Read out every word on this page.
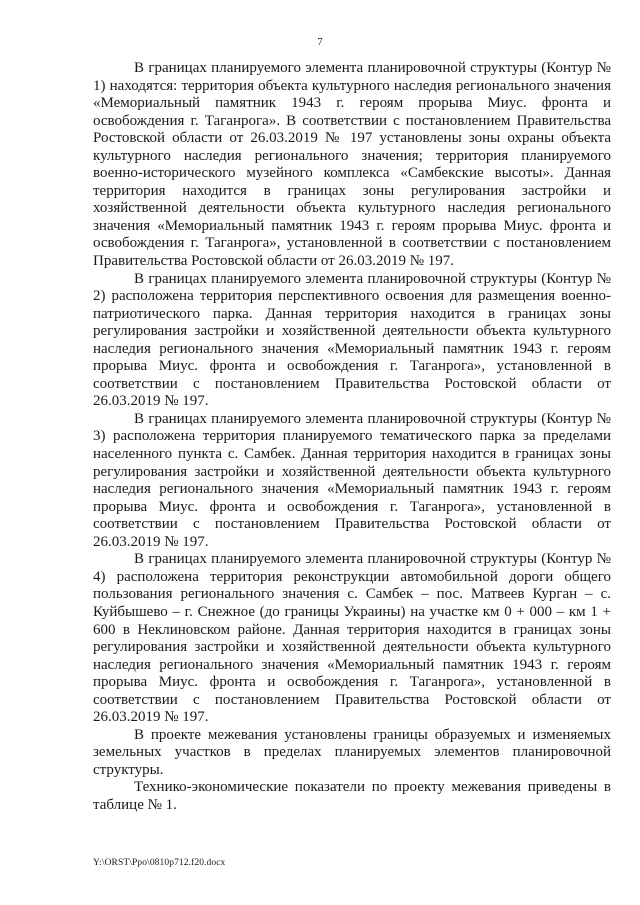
7

В границах планируемого элемента планировочной структуры (Контур № 1) находятся: территория объекта культурного наследия регионального значения «Мемориальный памятник 1943 г. героям прорыва Миус. фронта и освобождения г. Таганрога». В соответствии с постановлением Правительства Ростовской области от 26.03.2019 № 197 установлены зоны охраны объекта культурного наследия регионального значения; территория планируемого военно-исторического музейного комплекса «Самбекские высоты». Данная территория находится в границах зоны регулирования застройки и хозяйственной деятельности объекта культурного наследия регионального значения «Мемориальный памятник 1943 г. героям прорыва Миус. фронта и освобождения г. Таганрога», установленной в соответствии с постановлением Правительства Ростовской области от 26.03.2019 № 197.

В границах планируемого элемента планировочной структуры (Контур № 2) расположена территория перспективного освоения для размещения военно-патриотического парка. Данная территория находится в границах зоны регулирования застройки и хозяйственной деятельности объекта культурного наследия регионального значения «Мемориальный памятник 1943 г. героям прорыва Миус. фронта и освобождения г. Таганрога», установленной в соответствии с постановлением Правительства Ростовской области от 26.03.2019 № 197.

В границах планируемого элемента планировочной структуры (Контур № 3) расположена территория планируемого тематического парка за пределами населенного пункта с. Самбек. Данная территория находится в границах зоны регулирования застройки и хозяйственной деятельности объекта культурного наследия регионального значения «Мемориальный памятник 1943 г. героям прорыва Миус. фронта и освобождения г. Таганрога», установленной в соответствии с постановлением Правительства Ростовской области от 26.03.2019 № 197.

В границах планируемого элемента планировочной структуры (Контур № 4) расположена территория реконструкции автомобильной дороги общего пользования регионального значения с. Самбек – пос. Матвеев Курган – с. Куйбышево – г. Снежное (до границы Украины) на участке км 0 + 000 – км 1 + 600 в Неклиновском районе. Данная территория находится в границах зоны регулирования застройки и хозяйственной деятельности объекта культурного наследия регионального значения «Мемориальный памятник 1943 г. героям прорыва Миус. фронта и освобождения г. Таганрога», установленной в соответствии с постановлением Правительства Ростовской области от 26.03.2019 № 197.

В проекте межевания установлены границы образуемых и изменяемых земельных участков в пределах планируемых элементов планировочной структуры.

Технико-экономические показатели по проекту межевания приведены в таблице № 1.

Y:\ORST\Ppo\0810p712.f20.docx
